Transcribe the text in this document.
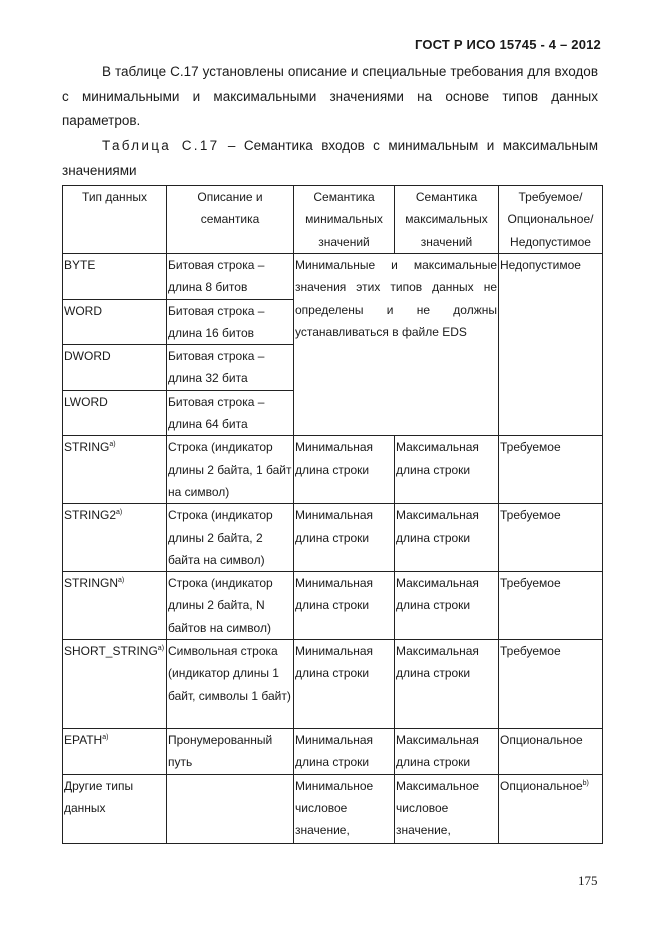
ГОСТ Р ИСО 15745 - 4 – 2012

В таблице С.17 установлены описание и специальные требования для входов с минимальными и максимальными значениями на основе типов данных параметров.

Таблица С.17 – Семантика входов с минимальным и максимальным значениями
Тип данных	Описание и семантика	Семантика минимальных значений	Семантика максимальных значений	Требуемое/ Опциональное/ Недопустимое
BYTE	Битовая строка – длина 8 битов	Минимальные и максимальные значения этих типов данных не определены и не должны устанавливаться в файле EDS		Недопустимое
WORD	Битовая строка – длина 16 битов			
DWORD	Битовая строка – длина 32 бита			
LWORD	Битовая строка – длина 64 бита			
STRING$^{a)}$	Строка (индикатор длины 2 байта, 1 байт на символ)	Минимальная длина строки	Максимальная длина строки	Требуемое
STRING2$^{a)}$	Строка (индикатор длины 2 байта, 2 байта на символ)	Минимальная длина строки	Максимальная длина строки	Требуемое
STRINGN$^{a)}$	Строка (индикатор длины 2 байта, N байтов на символ)	Минимальная длина строки	Максимальная длина строки	Требуемое
SHORT_STRING$^{a)}$	Символьная строка (индикатор длины 1 байт, символы 1 байт)	Минимальная длина строки	Максимальная длина строки	Требуемое
EPATH$^{a)}$	Пронумерованный путь	Минимальная длина строки	Максимальная длина строки	Опциональное
Другие типы данных		Минимальное числовое значение,	Максимальное числовое значение,	Опциональное$^{b)}$
175
